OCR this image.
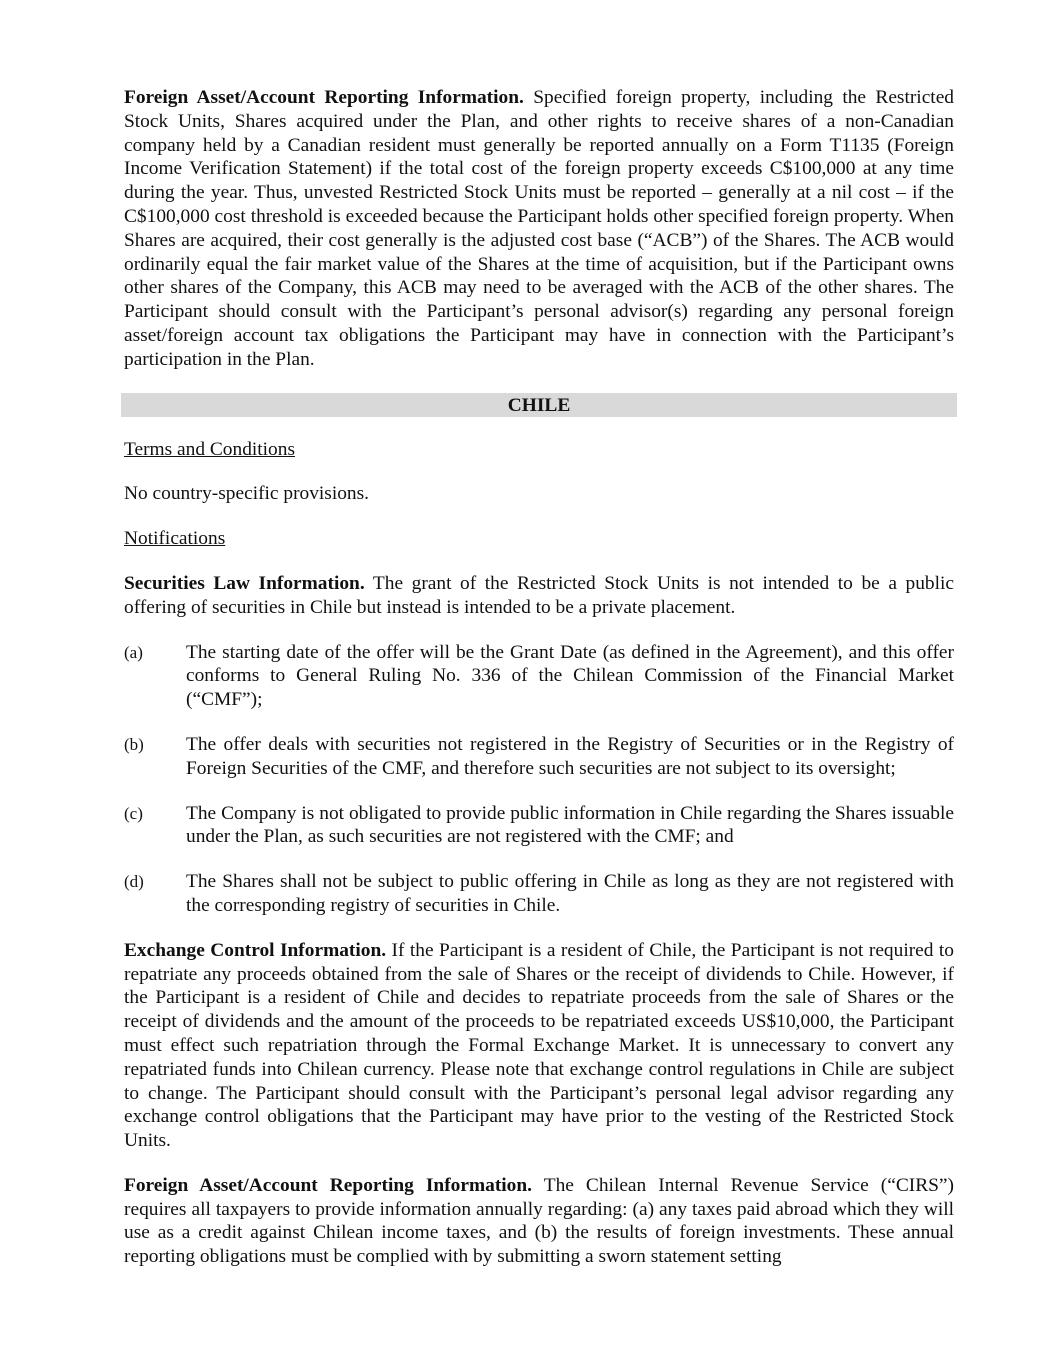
Foreign Asset/Account Reporting Information. Specified foreign property, including the Restricted Stock Units, Shares acquired under the Plan, and other rights to receive shares of a non-Canadian company held by a Canadian resident must generally be reported annually on a Form T1135 (Foreign Income Verification Statement) if the total cost of the foreign property exceeds C$100,000 at any time during the year. Thus, unvested Restricted Stock Units must be reported – generally at a nil cost – if the C$100,000 cost threshold is exceeded because the Participant holds other specified foreign property. When Shares are acquired, their cost generally is the adjusted cost base (“ACB”) of the Shares. The ACB would ordinarily equal the fair market value of the Shares at the time of acquisition, but if the Participant owns other shares of the Company, this ACB may need to be averaged with the ACB of the other shares. The Participant should consult with the Participant’s personal advisor(s) regarding any personal foreign asset/foreign account tax obligations the Participant may have in connection with the Participant’s participation in the Plan.

CHILE

Terms and Conditions

No country-specific provisions.

Notifications

Securities Law Information. The grant of the Restricted Stock Units is not intended to be a public offering of securities in Chile but instead is intended to be a private placement.

(a)	The starting date of the offer will be the Grant Date (as defined in the Agreement), and this offer conforms to General Ruling No. 336 of the Chilean Commission of the Financial Market (“CMF”);
(b)	The offer deals with securities not registered in the Registry of Securities or in the Registry of Foreign Securities of the CMF, and therefore such securities are not subject to its oversight;
(c)	The Company is not obligated to provide public information in Chile regarding the Shares issuable under the Plan, as such securities are not registered with the CMF; and
(d)	The Shares shall not be subject to public offering in Chile as long as they are not registered with the corresponding registry of securities in Chile.

Exchange Control Information. If the Participant is a resident of Chile, the Participant is not required to repatriate any proceeds obtained from the sale of Shares or the receipt of dividends to Chile. However, if the Participant is a resident of Chile and decides to repatriate proceeds from the sale of Shares or the receipt of dividends and the amount of the proceeds to be repatriated exceeds US$10,000, the Participant must effect such repatriation through the Formal Exchange Market. It is unnecessary to convert any repatriated funds into Chilean currency. Please note that exchange control regulations in Chile are subject to change. The Participant should consult with the Participant’s personal legal advisor regarding any exchange control obligations that the Participant may have prior to the vesting of the Restricted Stock Units.

Foreign Asset/Account Reporting Information. The Chilean Internal Revenue Service (“CIRS”) requires all taxpayers to provide information annually regarding: (a) any taxes paid abroad which they will use as a credit against Chilean income taxes, and (b) the results of foreign investments. These annual reporting obligations must be complied with by submitting a sworn statement setting
